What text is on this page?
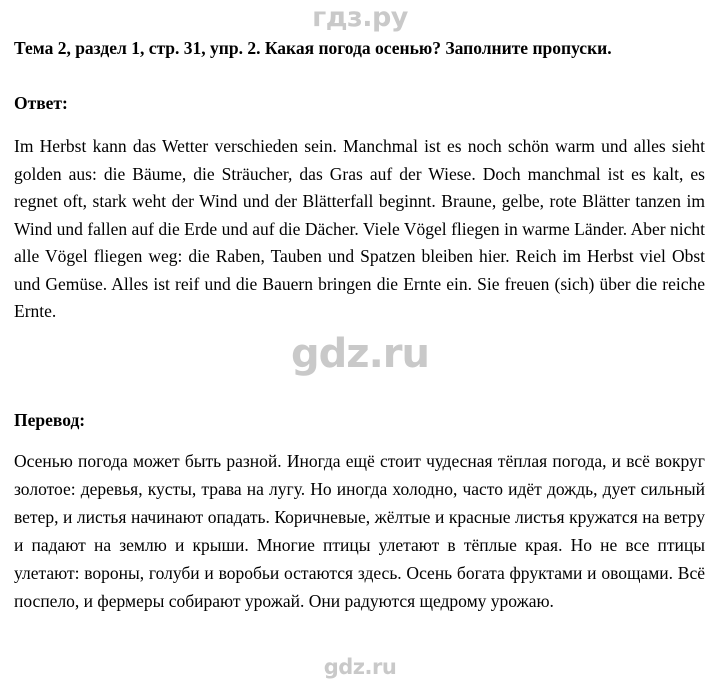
гдз.ру

Тема 2, раздел 1, стр. 31, упр. 2. Какая погода осенью? Заполните пропуски.

Ответ:

Im Herbst kann das Wetter verschieden sein. Manchmal ist es noch schön warm und alles sieht golden aus: die Bäume, die Sträucher, das Gras auf der Wiese. Doch manchmal ist es kalt, es regnet oft, stark weht der Wind und der Blätterfall beginnt. Braune, gelbe, rote Blätter tanzen im Wind und fallen auf die Erde und auf die Dächer. Viele Vögel fliegen in warme Länder. Aber nicht alle Vögel fliegen weg: die Raben, Tauben und Spatzen bleiben hier. Reich im Herbst viel Obst und Gemüse. Alles ist reif und die Bauern bringen die Ernte ein. Sie freuen (sich) über die reiche Ernte.

gdz.ru

Перевод:

Осенью погода может быть разной. Иногда ещё стоит чудесная тёплая погода, и всё вокруг золотое: деревья, кусты, трава на лугу. Но иногда холодно, часто идёт дождь, дует сильный ветер, и листья начинают опадать. Коричневые, жёлтые и красные листья кружатся на ветру и падают на землю и крыши. Многие птицы улетают в тёплые края. Но не все птицы улетают: вороны, голуби и воробьи остаются здесь. Осень богата фруктами и овощами. Всё поспело, и фермеры собирают урожай. Они радуются щедрому урожаю.

gdz.ru
